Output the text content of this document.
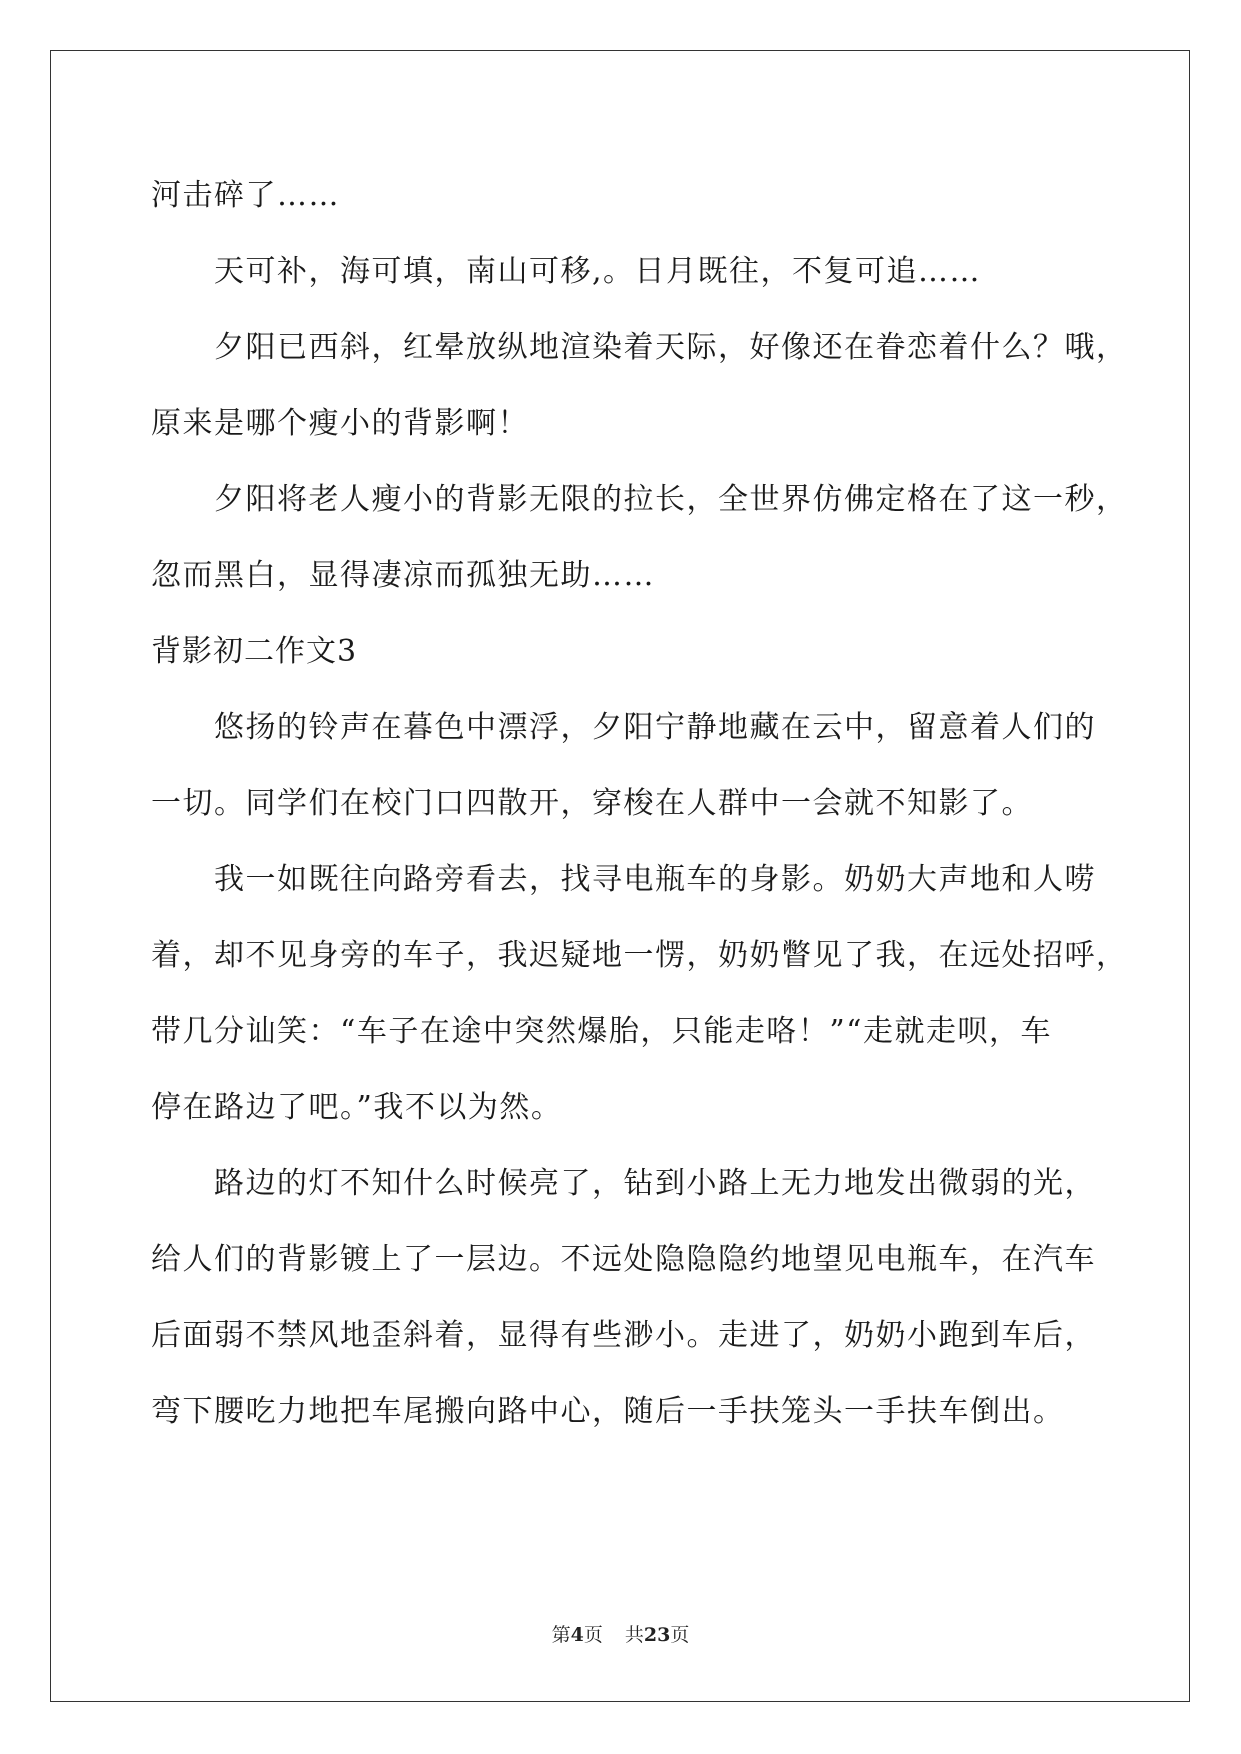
河击碎了……

天可补，海可填，南山可移,。日月既往，不复可追……

夕阳已西斜，红晕放纵地渲染着天际，好像还在眷恋着什么？哦，

原来是哪个瘦小的背影啊！

夕阳将老人瘦小的背影无限的拉长，全世界仿佛定格在了这一秒，

忽而黑白，显得凄凉而孤独无助……

背影初二作文3

悠扬的铃声在暮色中漂浮，夕阳宁静地藏在云中，留意着人们的

一切。同学们在校门口四散开，穿梭在人群中一会就不知影了。

我一如既往向路旁看去，找寻电瓶车的身影。奶奶大声地和人唠

着，却不见身旁的车子，我迟疑地一愣，奶奶瞥见了我，在远处招呼，

带几分讪笑：“车子在途中突然爆胎，只能走咯！”“走就走呗，车

停在路边了吧。”我不以为然。

路边的灯不知什么时候亮了，钻到小路上无力地发出微弱的光，

给人们的背影镀上了一层边。不远处隐隐隐约地望见电瓶车，在汽车

后面弱不禁风地歪斜着，显得有些渺小。走进了，奶奶小跑到车后，

弯下腰吃力地把车尾搬向路中心，随后一手扶笼头一手扶车倒出。

第4页 共23页
